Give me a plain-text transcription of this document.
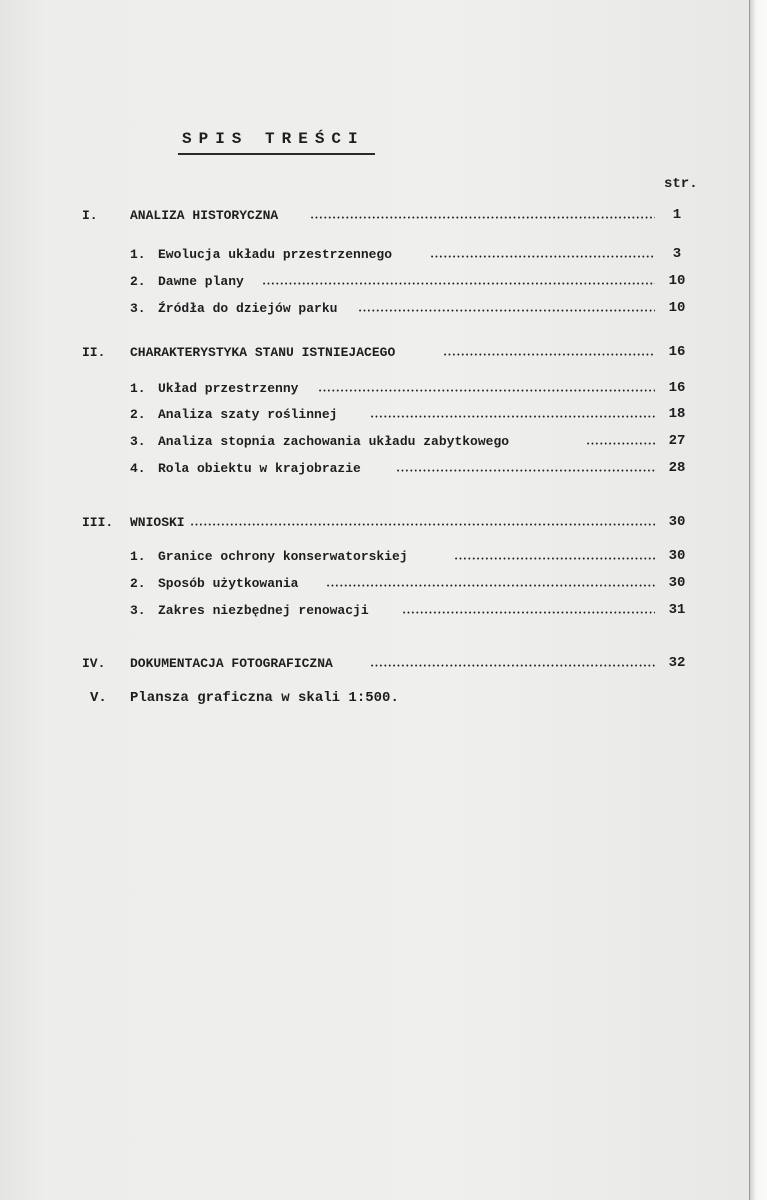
SPIS TREŚCI
str.
I. ANALIZA HISTORYCZNA •••••	1
1. Ewolucja układu przestrzennego •••••	3
2. Dawne plany •••••	10
3. Źródła do dziejów parku •••••	10
II. CHARAKTERYSTYKA STANU ISTNIEJACEGO •••••	16
1. Układ przestrzenny •••••	16
2. Analiza szaty roślinnej •••••	18
3. Analiza stopnia zachowania układu zabytkowego •••••	27
4. Rola obiektu w krajobrazie •••••	28
III. WNIOSKI •••••	30
1. Granice ochrony konserwatorskiej •••••	30
2. Sposób użytkowania •••••	30
3. Zakres niezbędnej renowacji •••••	31
IV. DOKUMENTACJA FOTOGRAFICZNA •••••	32
V. Plansza graficzna w skali 1:500.
